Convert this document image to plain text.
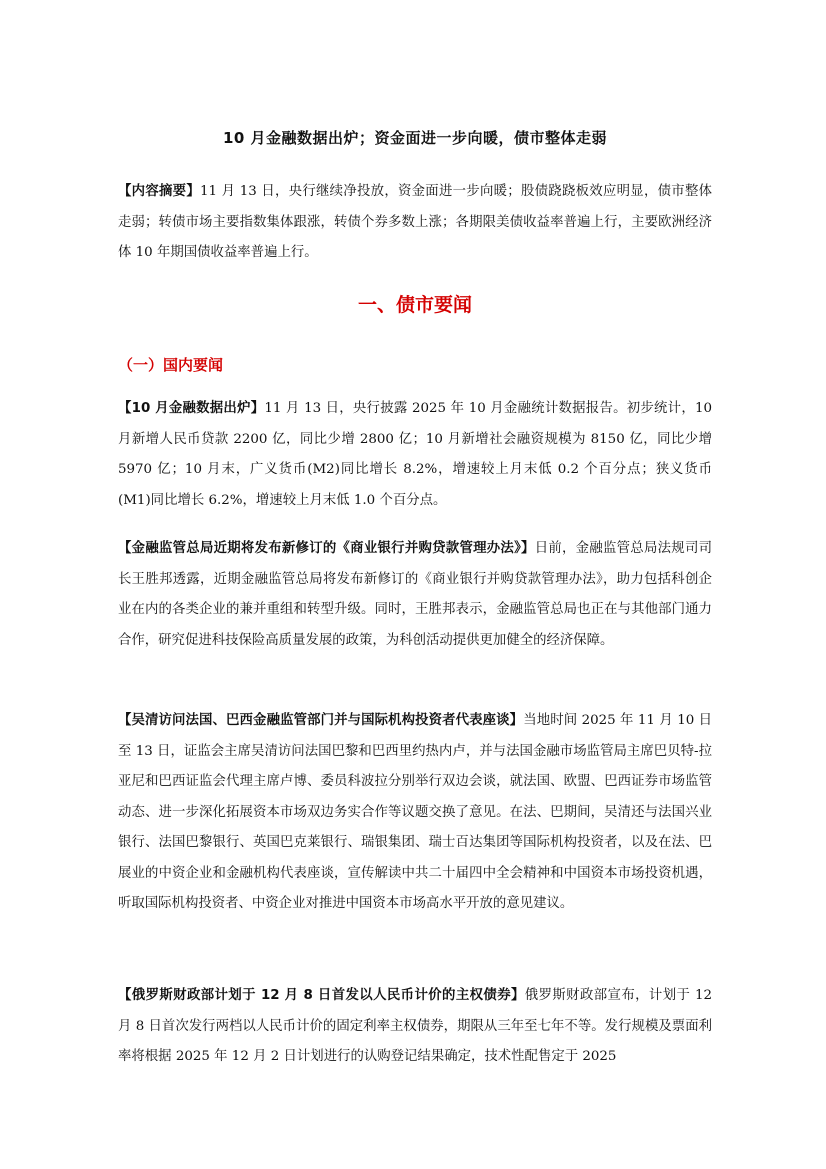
10 月金融数据出炉；资金面进一步向暖，债市整体走弱

【内容摘要】11 月 13 日，央行继续净投放，资金面进一步向暖；股债跷跷板效应明显，债市整体走弱；转债市场主要指数集体跟涨，转债个券多数上涨；各期限美债收益率普遍上行，主要欧洲经济体 10 年期国债收益率普遍上行。

一、债市要闻
（一）国内要闻

【10 月金融数据出炉】11 月 13 日，央行披露 2025 年 10 月金融统计数据报告。初步统计，10 月新增人民币贷款 2200 亿，同比少增 2800 亿；10 月新增社会融资规模为 8150 亿，同比少增 5970 亿；10 月末，广义货币(M2)同比增长 8.2%，增速较上月末低 0.2 个百分点；狭义货币(M1)同比增长 6.2%，增速较上月末低 1.0 个百分点。

【金融监管总局近期将发布新修订的《商业银行并购贷款管理办法》】日前，金融监管总局法规司司长王胜邦透露，近期金融监管总局将发布新修订的《商业银行并购贷款管理办法》，助力包括科创企业在内的各类企业的兼并重组和转型升级。同时，王胜邦表示，金融监管总局也正在与其他部门通力合作，研究促进科技保险高质量发展的政策，为科创活动提供更加健全的经济保障。

【吴清访问法国、巴西金融监管部门并与国际机构投资者代表座谈】当地时间 2025 年 11 月 10 日至 13 日，证监会主席吴清访问法国巴黎和巴西里约热内卢，并与法国金融市场监管局主席巴贝特-拉亚尼和巴西证监会代理主席卢博、委员科波拉分别举行双边会谈，就法国、欧盟、巴西证券市场监管动态、进一步深化拓展资本市场双边务实合作等议题交换了意见。在法、巴期间，吴清还与法国兴业银行、法国巴黎银行、英国巴克莱银行、瑞银集团、瑞士百达集团等国际机构投资者，以及在法、巴展业的中资企业和金融机构代表座谈，宣传解读中共二十届四中全会精神和中国资本市场投资机遇，听取国际机构投资者、中资企业对推进中国资本市场高水平开放的意见建议。

【俄罗斯财政部计划于 12 月 8 日首发以人民币计价的主权债券】俄罗斯财政部宣布，计划于 12 月 8 日首次发行两档以人民币计价的固定利率主权债券，期限从三年至七年不等。发行规模及票面利率将根据 2025 年 12 月 2 日计划进行的认购登记结果确定，技术性配售定于 2025
